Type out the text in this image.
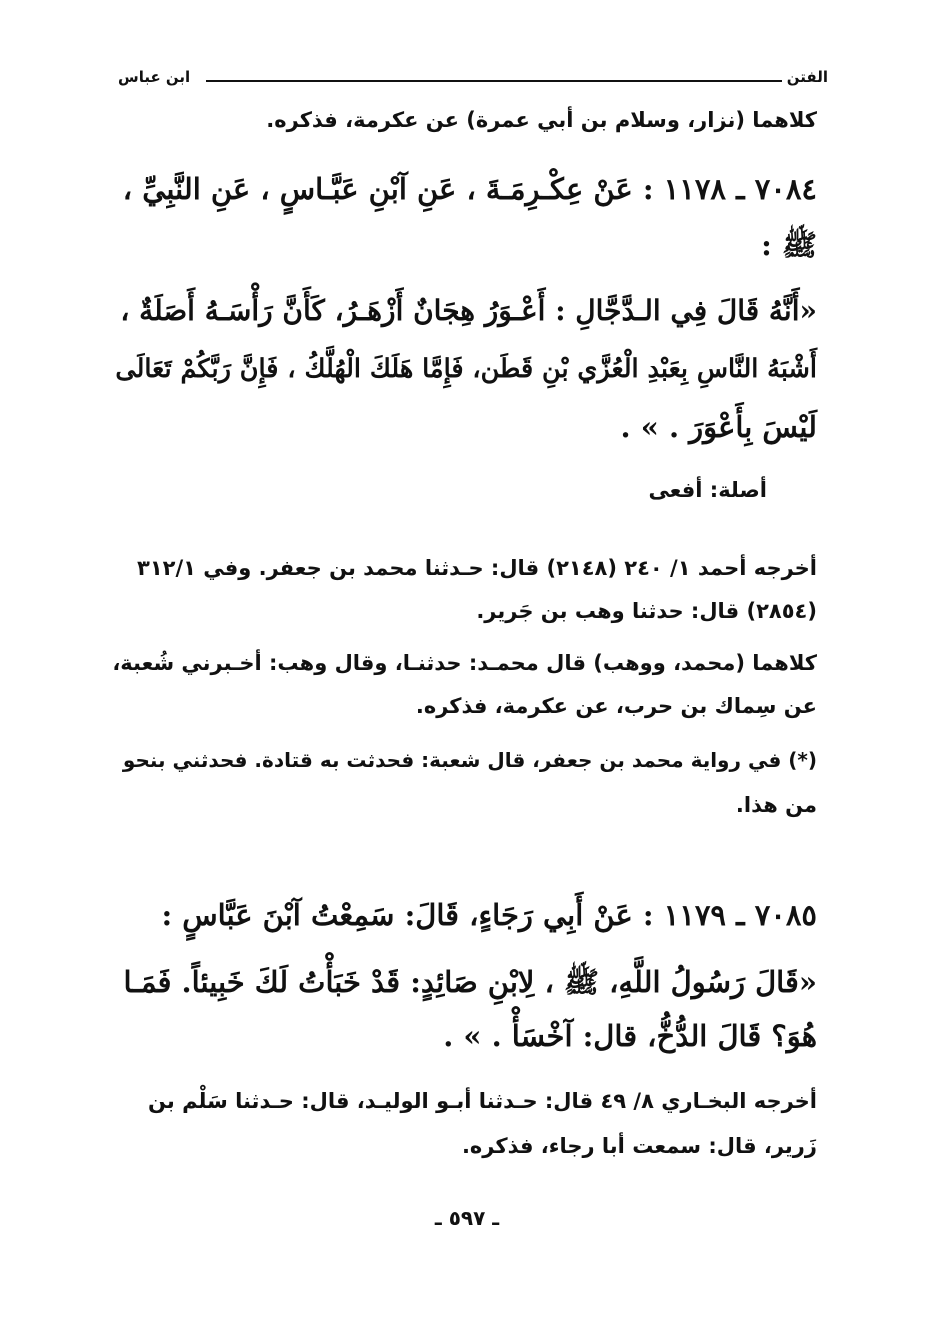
ابن عباس	الفتن
كلاهما (نزار، وسلام بن أبي عمرة) عن عكرمة، فذكره.
٧٠٨٤ ـ ١١٧٨ : عَنْ عِكْـرِمَـةَ ، عَنِ آبْنِ عَبَّـاسٍ ، عَنِ النَّبِيِّ ،
ﷺ :
«أَنَّهُ قَالَ فِي الـدَّجَّالِ : أَعْـوَرُ هِجَانٌ أَزْهَـرُ، كَأَنَّ رَأْسَـهُ أَصَلَةٌ ،
أَشْبَهُ النَّاسِ بِعَبْدِ الْعُزَّي بْنِ قَطَن، فَإِمَّا هَلَكَ الْهُلَّكُ ، فَإِنَّ رَبَّكُمْ تَعَالَى
لَيْسَ بِأَعْوَرَ . » .
أصلة: أفعى
أخرجه أحمد ١/ ٢٤٠ (٢١٤٨) قال: حـدثنا محمد بن جعفر. وفي ٣١٢/١
(٢٨٥٤) قال: حدثنا وهب بن جَرير.
كلاهما (محمد، ووهب) قال محمـد: حدثنـا، وقال وهب: أخـبرني شُعبة،
عن سِماك بن حرب، عن عكرمة، فذكره.
(*) في رواية محمد بن جعفر، قال شعبة: فحدثت به قتادة. فحدثني بنحو
من هذا.
٧٠٨٥ ـ ١١٧٩ : عَنْ أَبِي رَجَاءٍ، قَالَ: سَمِعْتُ آبْنَ عَبَّاسٍ :
«قَالَ رَسُولُ اللَّهِ، ﷺ ، لِابْنِ صَائِدٍ: قَدْ خَبَأْتُ لَكَ خَبِيئاً. فَمَـا
هُوَ؟ قَالَ الدُّخُّ، قال: آخْسَأْ . » .
أخرجه البخـاري ٨/ ٤٩ قال: حـدثنا أبـو الوليـد، قال: حـدثنا سَلْم بن
زَرير، قال: سمعت أبا رجاء، فذكره.
ـ ٥٩٧ ـ
